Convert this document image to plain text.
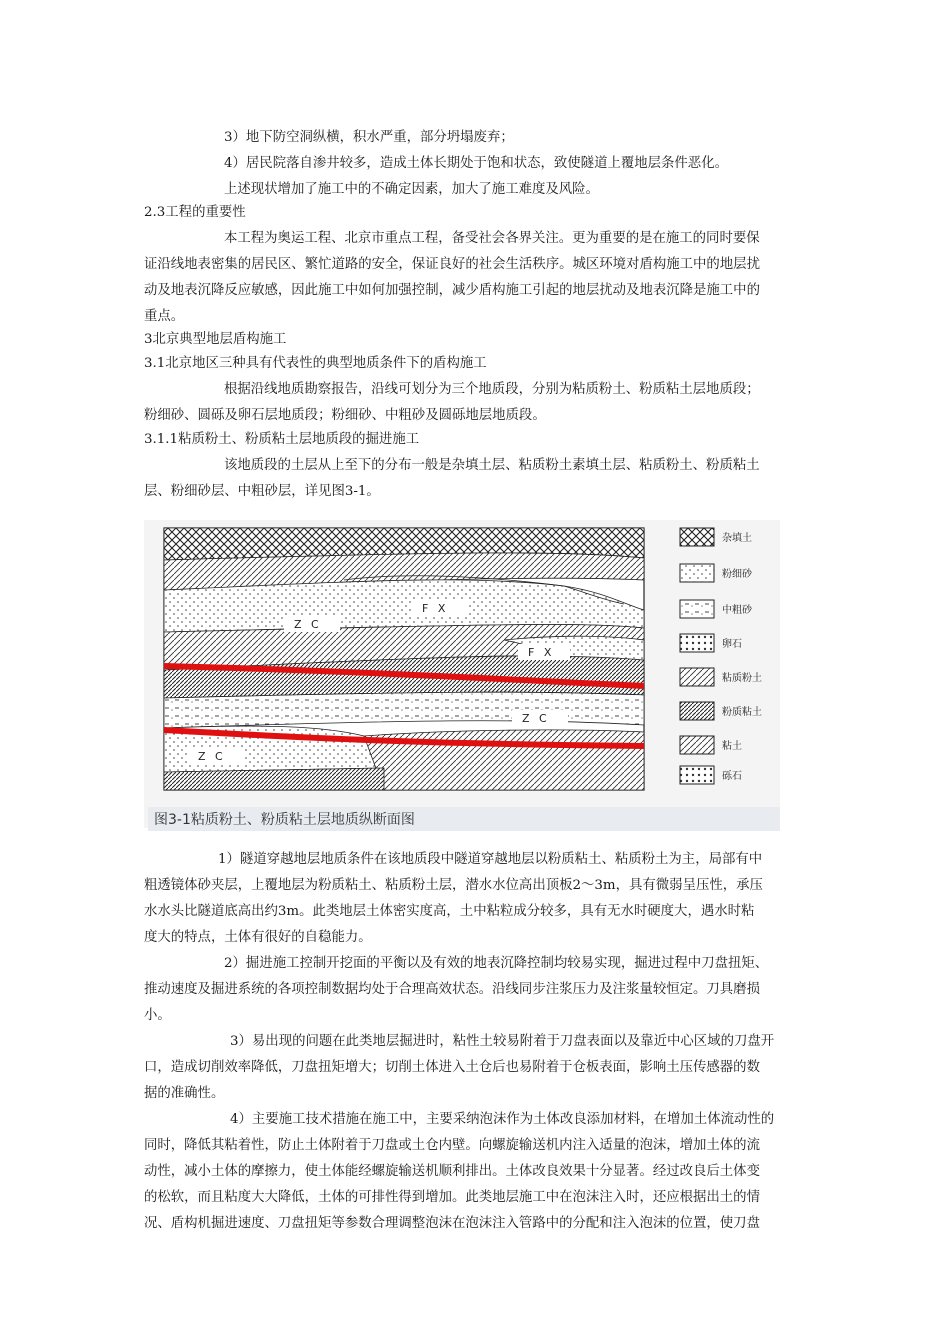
3）地下防空洞纵横，积水严重，部分坍塌废弃；
4）居民院落自渗井较多，造成土体长期处于饱和状态，致使隧道上覆地层条件恶化。
上述现状增加了施工中的不确定因素，加大了施工难度及风险。
2.3工程的重要性
本工程为奥运工程、北京市重点工程，备受社会各界关注。更为重要的是在施工的同时要保
证沿线地表密集的居民区、繁忙道路的安全，保证良好的社会生活秩序。城区环境对盾构施工中的地层扰
动及地表沉降反应敏感，因此施工中如何加强控制，减少盾构施工引起的地层扰动及地表沉降是施工中的
重点。
3北京典型地层盾构施工
3.1北京地区三种具有代表性的典型地质条件下的盾构施工
根据沿线地质勘察报告，沿线可划分为三个地质段，分别为粘质粉土、粉质粘土层地质段；
粉细砂、圆砾及卵石层地质段；粉细砂、中粗砂及圆砾地层地质段。
3.1.1粘质粉土、粉质粘土层地质段的掘进施工
该地质段的土层从上至下的分布一般是杂填土层、粘质粉土素填土层、粘质粉土、粉质粘土
层、粉细砂层、中粗砂层，详见图3-1。
F X
Z C
F X
Z C
Z C
杂填土
粉细砂
中粗砂
卵石
粘质粉土
粉质粘土
粘土
砾石
图3-1粘质粉土、粉质粘土层地质纵断面图
1）隧道穿越地层地质条件在该地质段中隧道穿越地层以粉质粘土、粘质粉土为主，局部有中
粗透镜体砂夹层，上覆地层为粉质粘土、粘质粉土层，潜水水位高出顶板2～3m，具有微弱呈压性，承压
水水头比隧道底高出约3m。此类地层土体密实度高，土中粘粒成分较多，具有无水时硬度大，遇水时粘
度大的特点，土体有很好的自稳能力。
2）掘进施工控制开挖面的平衡以及有效的地表沉降控制均较易实现，掘进过程中刀盘扭矩、
推动速度及掘进系统的各项控制数据均处于合理高效状态。沿线同步注浆压力及注浆量较恒定。刀具磨损
小。
3）易出现的问题在此类地层掘进时，粘性土较易附着于刀盘表面以及靠近中心区域的刀盘开
口，造成切削效率降低，刀盘扭矩增大；切削土体进入土仓后也易附着于仓板表面，影响土压传感器的数
据的准确性。
4）主要施工技术措施在施工中，主要采纳泡沫作为土体改良添加材料，在增加土体流动性的
同时，降低其粘着性，防止土体附着于刀盘或土仓内壁。向螺旋输送机内注入适量的泡沫，增加土体的流
动性，减小土体的摩擦力，使土体能经螺旋输送机顺利排出。土体改良效果十分显著。经过改良后土体变
的松软，而且粘度大大降低，土体的可排性得到增加。此类地层施工中在泡沫注入时，还应根据出土的情
况、盾构机掘进速度、刀盘扭矩等参数合理调整泡沫在泡沫注入管路中的分配和注入泡沫的位置，使刀盘
